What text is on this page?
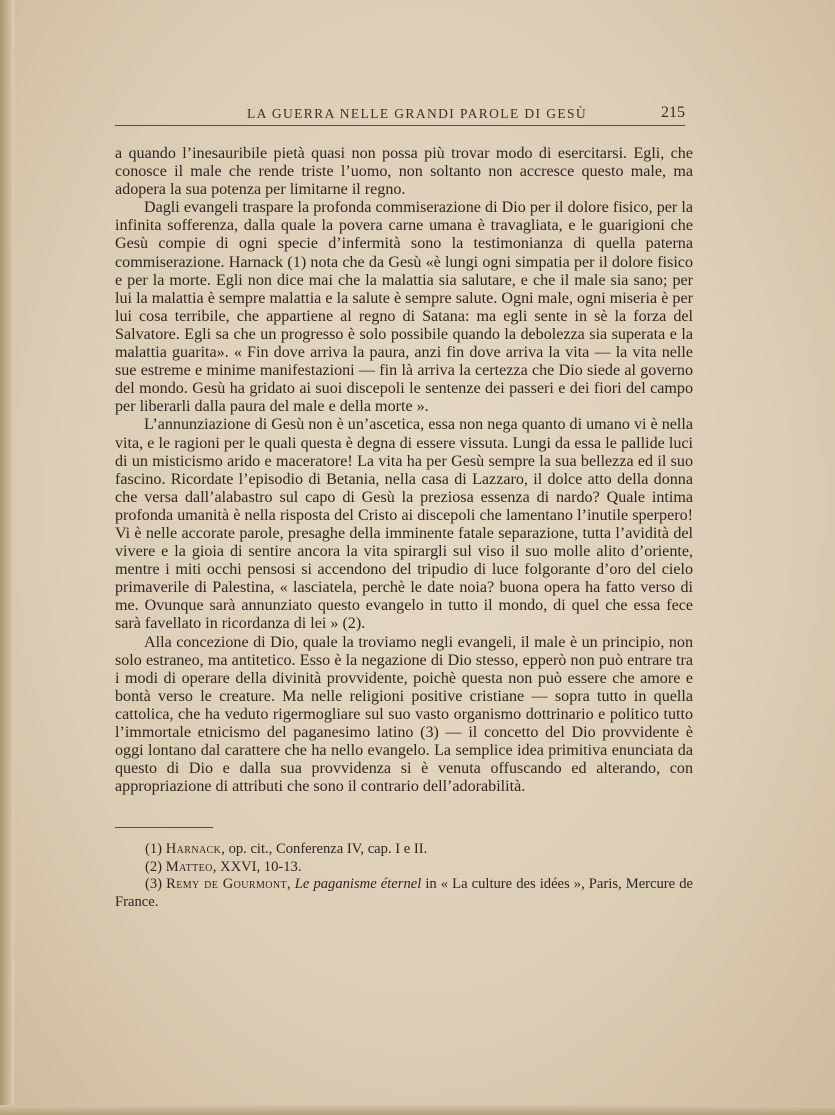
LA GUERRA NELLE GRANDI PAROLE DI GESÙ	215

a quando l’inesauribile pietà quasi non possa più trovar modo di esercitarsi. Egli, che conosce il male che rende triste l’uomo, non soltanto non accresce questo male, ma adopera la sua potenza per limitarne il regno.

Dagli evangeli traspare la profonda commiserazione di Dio per il dolore fisico, per la infinita sofferenza, dalla quale la povera carne umana è travagliata, e le guarigioni che Gesù compie di ogni specie d’infermità sono la testimonianza di quella paterna commiserazione. Harnack (1) nota che da Gesù «è lungi ogni simpatia per il dolore fisico e per la morte. Egli non dice mai che la malattia sia salutare, e che il male sia sano; per lui la malattia è sempre malattia e la salute è sempre salute. Ogni male, ogni miseria è per lui cosa terribile, che appartiene al regno di Satana: ma egli sente in sè la forza del Salvatore. Egli sa che un progresso è solo possibile quando la debolezza sia superata e la malattia guarita». « Fin dove arriva la paura, anzi fin dove arriva la vita — la vita nelle sue estreme e minime manifestazioni — fin là arriva la certezza che Dio siede al governo del mondo. Gesù ha gridato ai suoi discepoli le sentenze dei passeri e dei fiori del campo per liberarli dalla paura del male e della morte ».

L’annunziazione di Gesù non è un’ascetica, essa non nega quanto di umano vi è nella vita, e le ragioni per le quali questa è degna di essere vissuta. Lungi da essa le pallide luci di un misticismo arido e maceratore! La vita ha per Gesù sempre la sua bellezza ed il suo fascino. Ricordate l’episodio di Betania, nella casa di Lazzaro, il dolce atto della donna che versa dall’alabastro sul capo di Gesù la preziosa essenza di nardo? Quale intima profonda umanità è nella risposta del Cristo ai discepoli che lamentano l’inutile sperpero! Vi è nelle accorate parole, presaghe della imminente fatale separazione, tutta l’avidità del vivere e la gioia di sentire ancora la vita spirargli sul viso il suo molle alito d’oriente, mentre i miti occhi pensosi si accendono del tripudio di luce folgorante d’oro del cielo primaverile di Palestina, « lasciatela, perchè le date noia? buona opera ha fatto verso di me. Ovunque sarà annunziato questo evangelo in tutto il mondo, di quel che essa fece sarà favellato in ricordanza di lei » (2).

Alla concezione di Dio, quale la troviamo negli evangeli, il male è un principio, non solo estraneo, ma antitetico. Esso è la negazione di Dio stesso, epperò non può entrare tra i modi di operare della divinità provvidente, poichè questa non può essere che amore e bontà verso le creature. Ma nelle religioni positive cristiane — sopra tutto in quella cattolica, che ha veduto rigermogliare sul suo vasto organismo dottrinario e politico tutto l’immortale etnicismo del paganesimo latino (3) — il concetto del Dio provvidente è oggi lontano dal carattere che ha nello evangelo. La semplice idea primitiva enunciata da questo di Dio e dalla sua provvidenza si è venuta offuscando ed alterando, con appropriazione di attributi che sono il contrario dell’adorabilità.

(1) Harnack, op. cit., Conferenza IV, cap. I e II.

(2) Matteo, XXVI, 10-13.

(3) Remy de Gourmont, Le paganisme éternel in « La culture des idées », Paris, Mercure de France.
